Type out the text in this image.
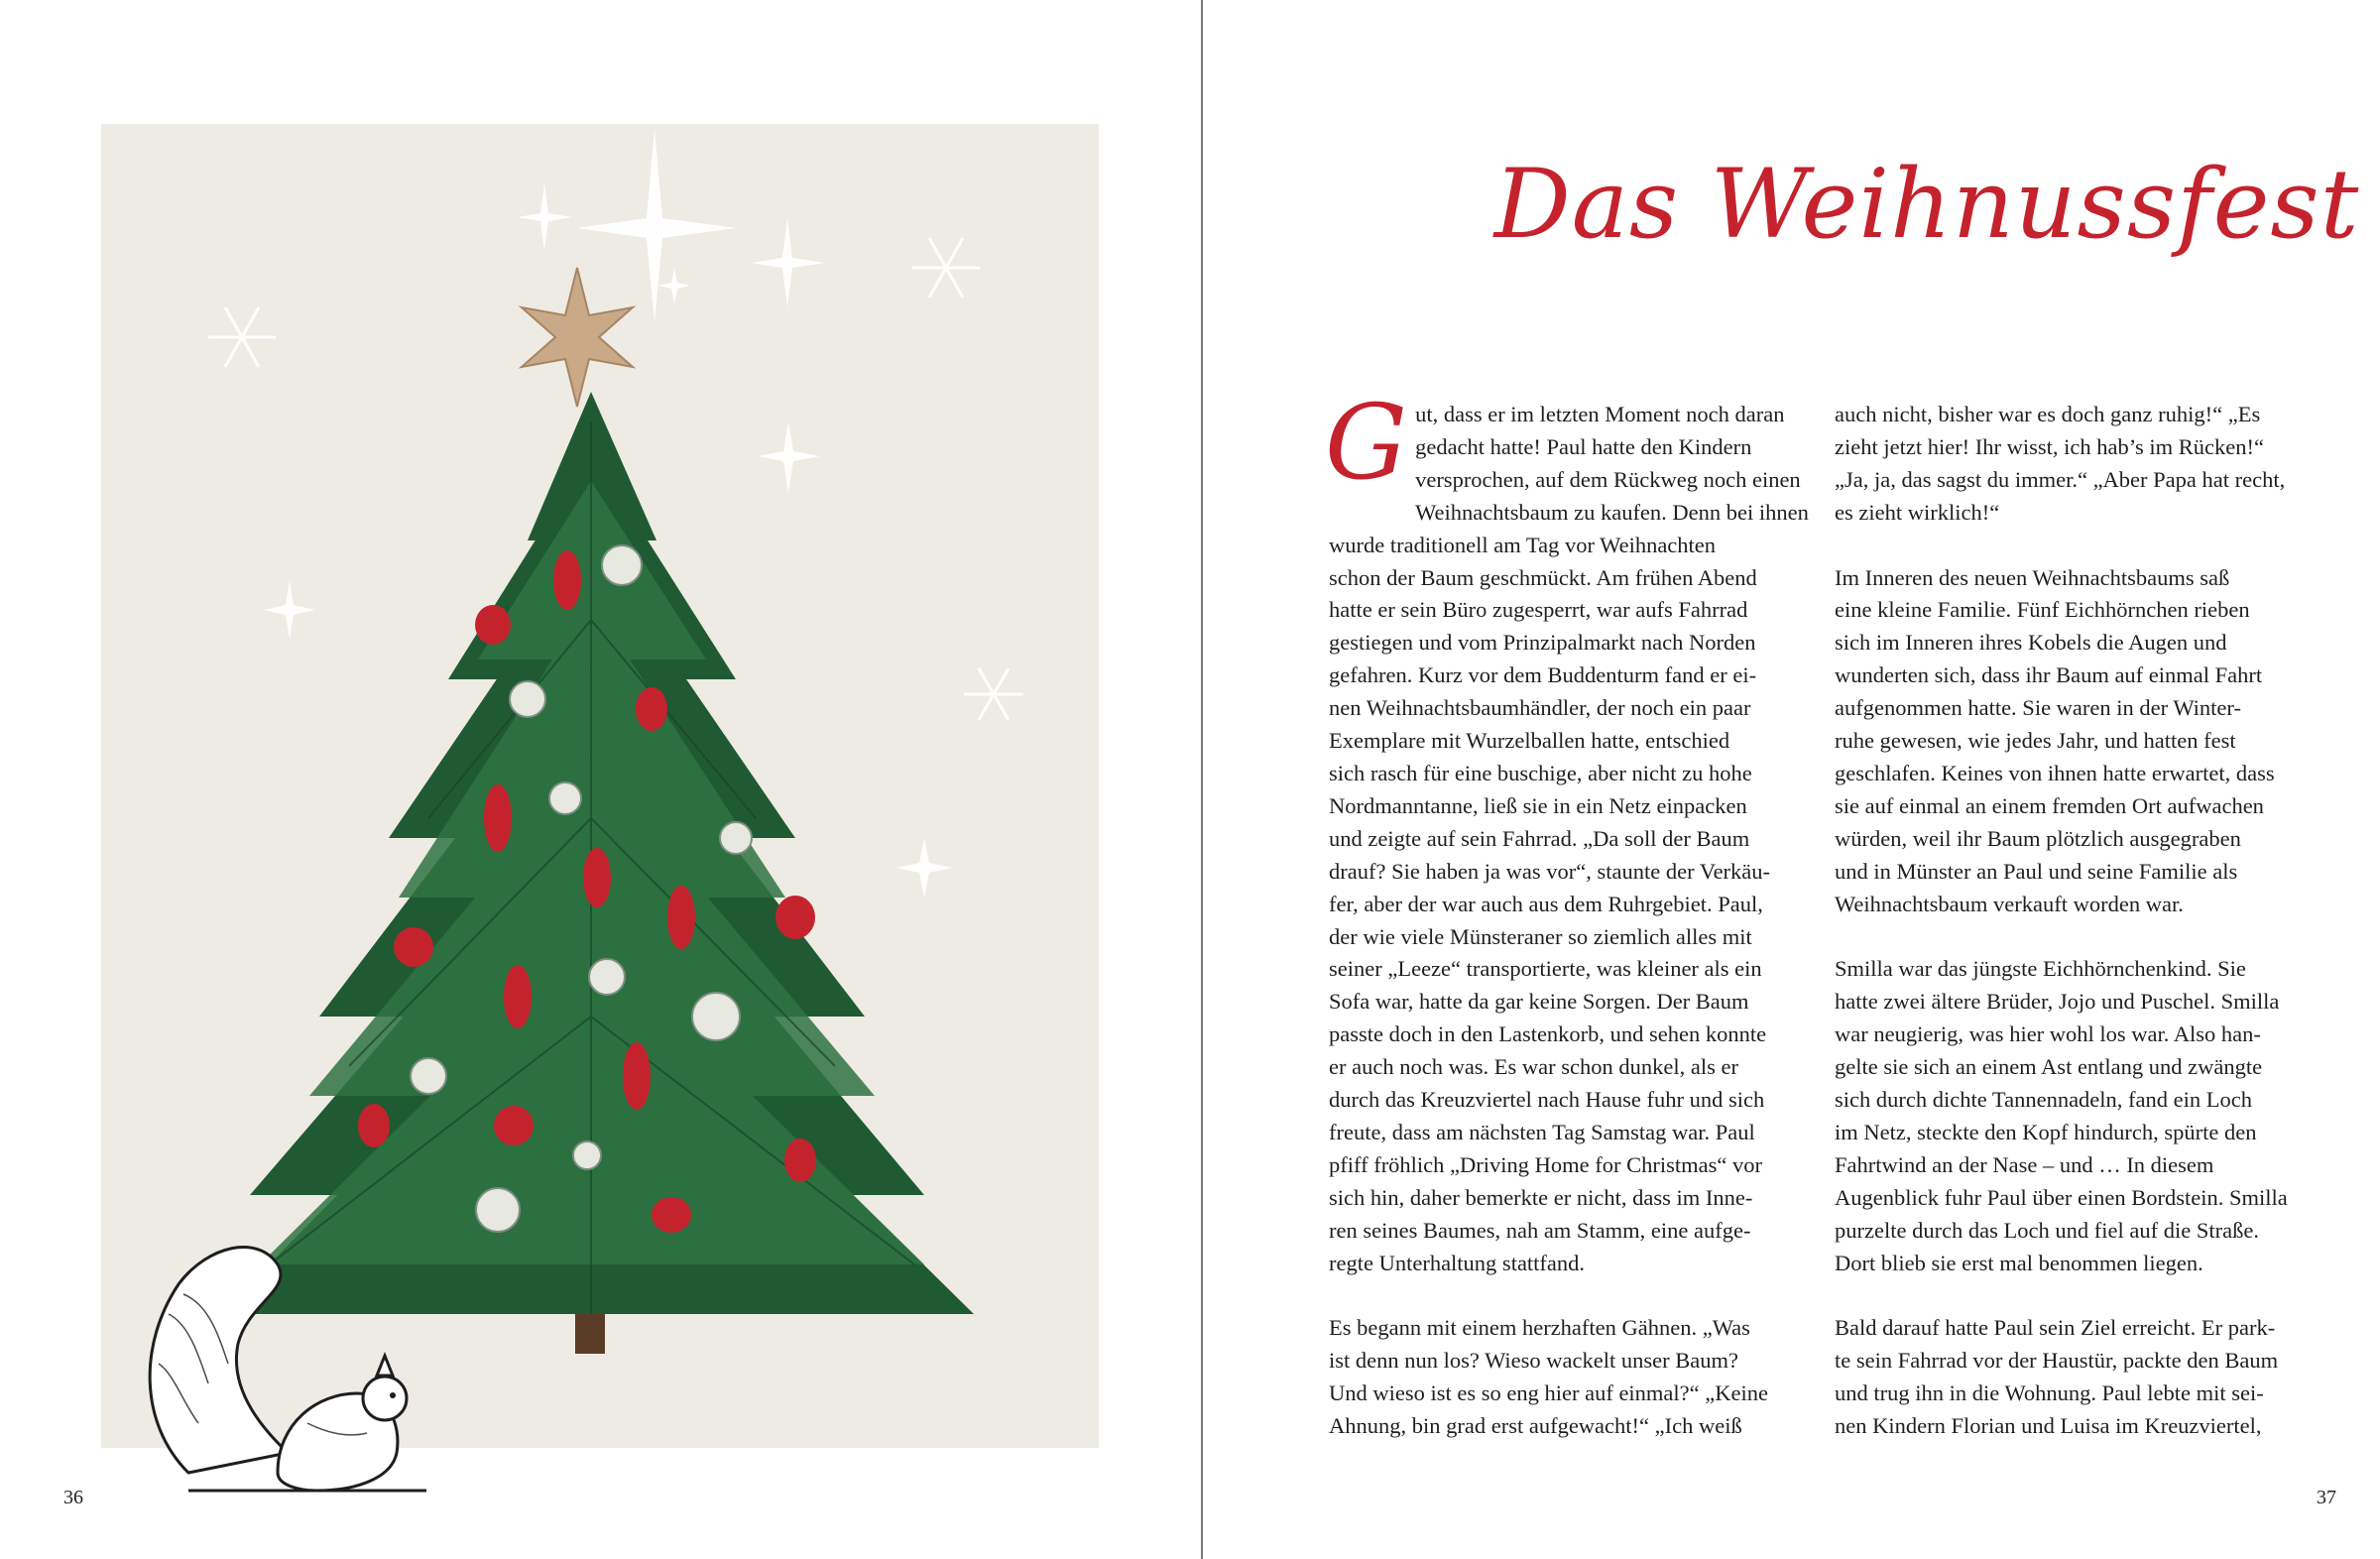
36
Das Weihnussfest

Gut, dass er im letzten Moment noch daran
gedacht hatte! Paul hatte den Kindern
versprochen, auf dem Rückweg noch einen

Weihnachtsbaum zu kaufen. Denn bei ihnen
wurde traditionell am Tag vor Weihnachten
schon der Baum geschmückt. Am frühen Abend
hatte er sein Büro zugesperrt, war aufs Fahrrad
gestiegen und vom Prinzipalmarkt nach Norden
gefahren. Kurz vor dem Buddenturm fand er ei-
nen Weihnachtsbaumhändler, der noch ein paar
Exemplare mit Wurzelballen hatte, entschied
sich rasch für eine buschige, aber nicht zu hohe
Nordmanntanne, ließ sie in ein Netz einpacken
und zeigte auf sein Fahrrad. „Da soll der Baum
drauf? Sie haben ja was vor“, staunte der Verkäu-
fer, aber der war auch aus dem Ruhrgebiet. Paul,
der wie viele Münsteraner so ziemlich alles mit
seiner „Leeze“ transportierte, was kleiner als ein
Sofa war, hatte da gar keine Sorgen. Der Baum
passte doch in den Lastenkorb, und sehen konnte
er auch noch was. Es war schon dunkel, als er
durch das Kreuzviertel nach Hause fuhr und sich
freute, dass am nächsten Tag Samstag war. Paul
pfiff fröhlich „Driving Home for Christmas“ vor
sich hin, daher bemerkte er nicht, dass im Inne-
ren seines Baumes, nah am Stamm, eine aufge-
regte Unterhaltung stattfand.

Es begann mit einem herzhaften Gähnen. „Was
ist denn nun los? Wieso wackelt unser Baum?
Und wieso ist es so eng hier auf einmal?“ „Keine
Ahnung, bin grad erst aufgewacht!“ „Ich weiß

auch nicht, bisher war es doch ganz ruhig!“ „Es
zieht jetzt hier! Ihr wisst, ich hab’s im Rücken!“
„Ja, ja, das sagst du immer.“ „Aber Papa hat recht,
es zieht wirklich!“

Im Inneren des neuen Weihnachtsbaums saß
eine kleine Familie. Fünf Eichhörnchen rieben
sich im Inneren ihres Kobels die Augen und
wunderten sich, dass ihr Baum auf einmal Fahrt
aufgenommen hatte. Sie waren in der Winter-
ruhe gewesen, wie jedes Jahr, und hatten fest
geschlafen. Keines von ihnen hatte erwartet, dass
sie auf einmal an einem fremden Ort aufwachen
würden, weil ihr Baum plötzlich ausgegraben
und in Münster an Paul und seine Familie als
Weihnachtsbaum verkauft worden war.

Smilla war das jüngste Eichhörnchenkind. Sie
hatte zwei ältere Brüder, Jojo und Puschel. Smilla
war neugierig, was hier wohl los war. Also han-
gelte sie sich an einem Ast entlang und zwängte
sich durch dichte Tannennadeln, fand ein Loch
im Netz, steckte den Kopf hindurch, spürte den
Fahrtwind an der Nase – und … In diesem
Augenblick fuhr Paul über einen Bordstein. Smilla
purzelte durch das Loch und fiel auf die Straße.
Dort blieb sie erst mal benommen liegen.

Bald darauf hatte Paul sein Ziel erreicht. Er park-
te sein Fahrrad vor der Haustür, packte den Baum
und trug ihn in die Wohnung. Paul lebte mit sei-
nen Kindern Florian und Luisa im Kreuzviertel,

37
